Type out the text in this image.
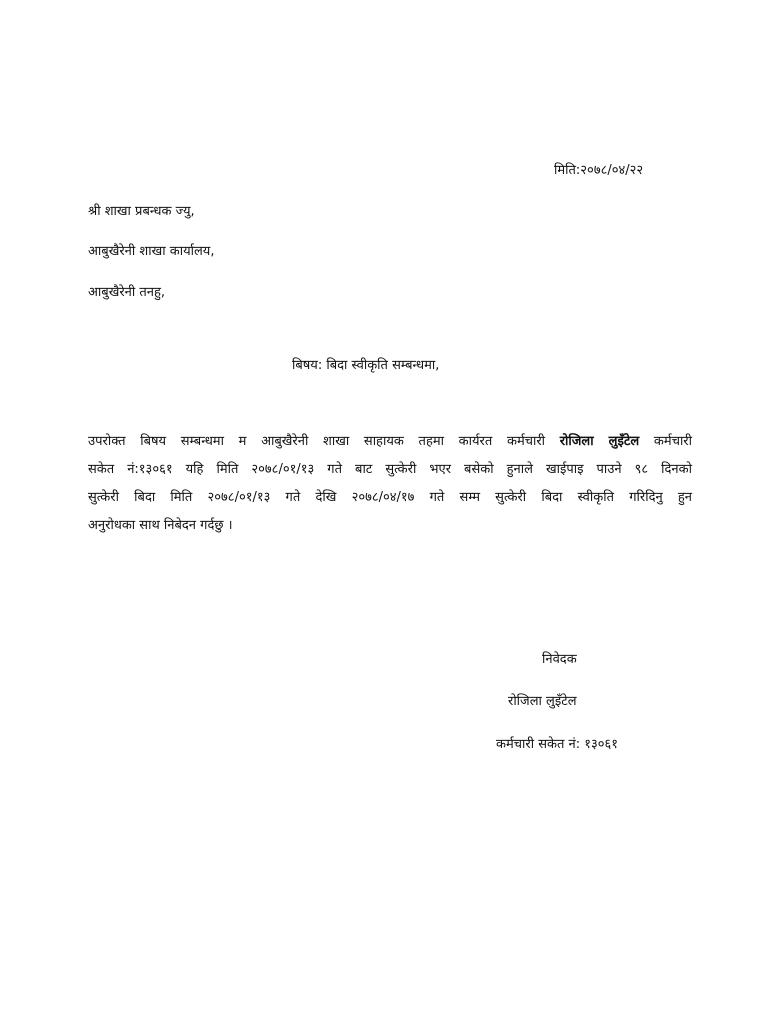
मिति:२०७८/०४/२२
श्री शाखा प्रबन्धक ज्यु,
आबुखैरेनी शाखा कार्यालय,
आबुखैरेनी तनहु,
बिषय: बिदा स्वीकृति सम्बन्धमा,
उपरोक्त बिषय सम्बन्धमा म आबुखैरेनी शाखा साहायक तहमा कार्यरत कर्मचारी रोजिला लुइँटेल कर्मचारी
सकेत नं:१३०६१ यहि मिति २०७८/०१/१३ गते बाट सुत्केरी भएर बसेको हुनाले खाईपाइ पाउने ९८ दिनको
सुत्केरी बिदा मिति २०७८/०१/१३ गते देखि २०७८/०४/१७ गते सम्म सुत्केरी बिदा स्वीकृति गरिदिनु हुन
अनुरोधका साथ निबेदन गर्दछु ।
निवेदक
रोजिला लुइँटेल
कर्मचारी सकेत नं: १३०६१
